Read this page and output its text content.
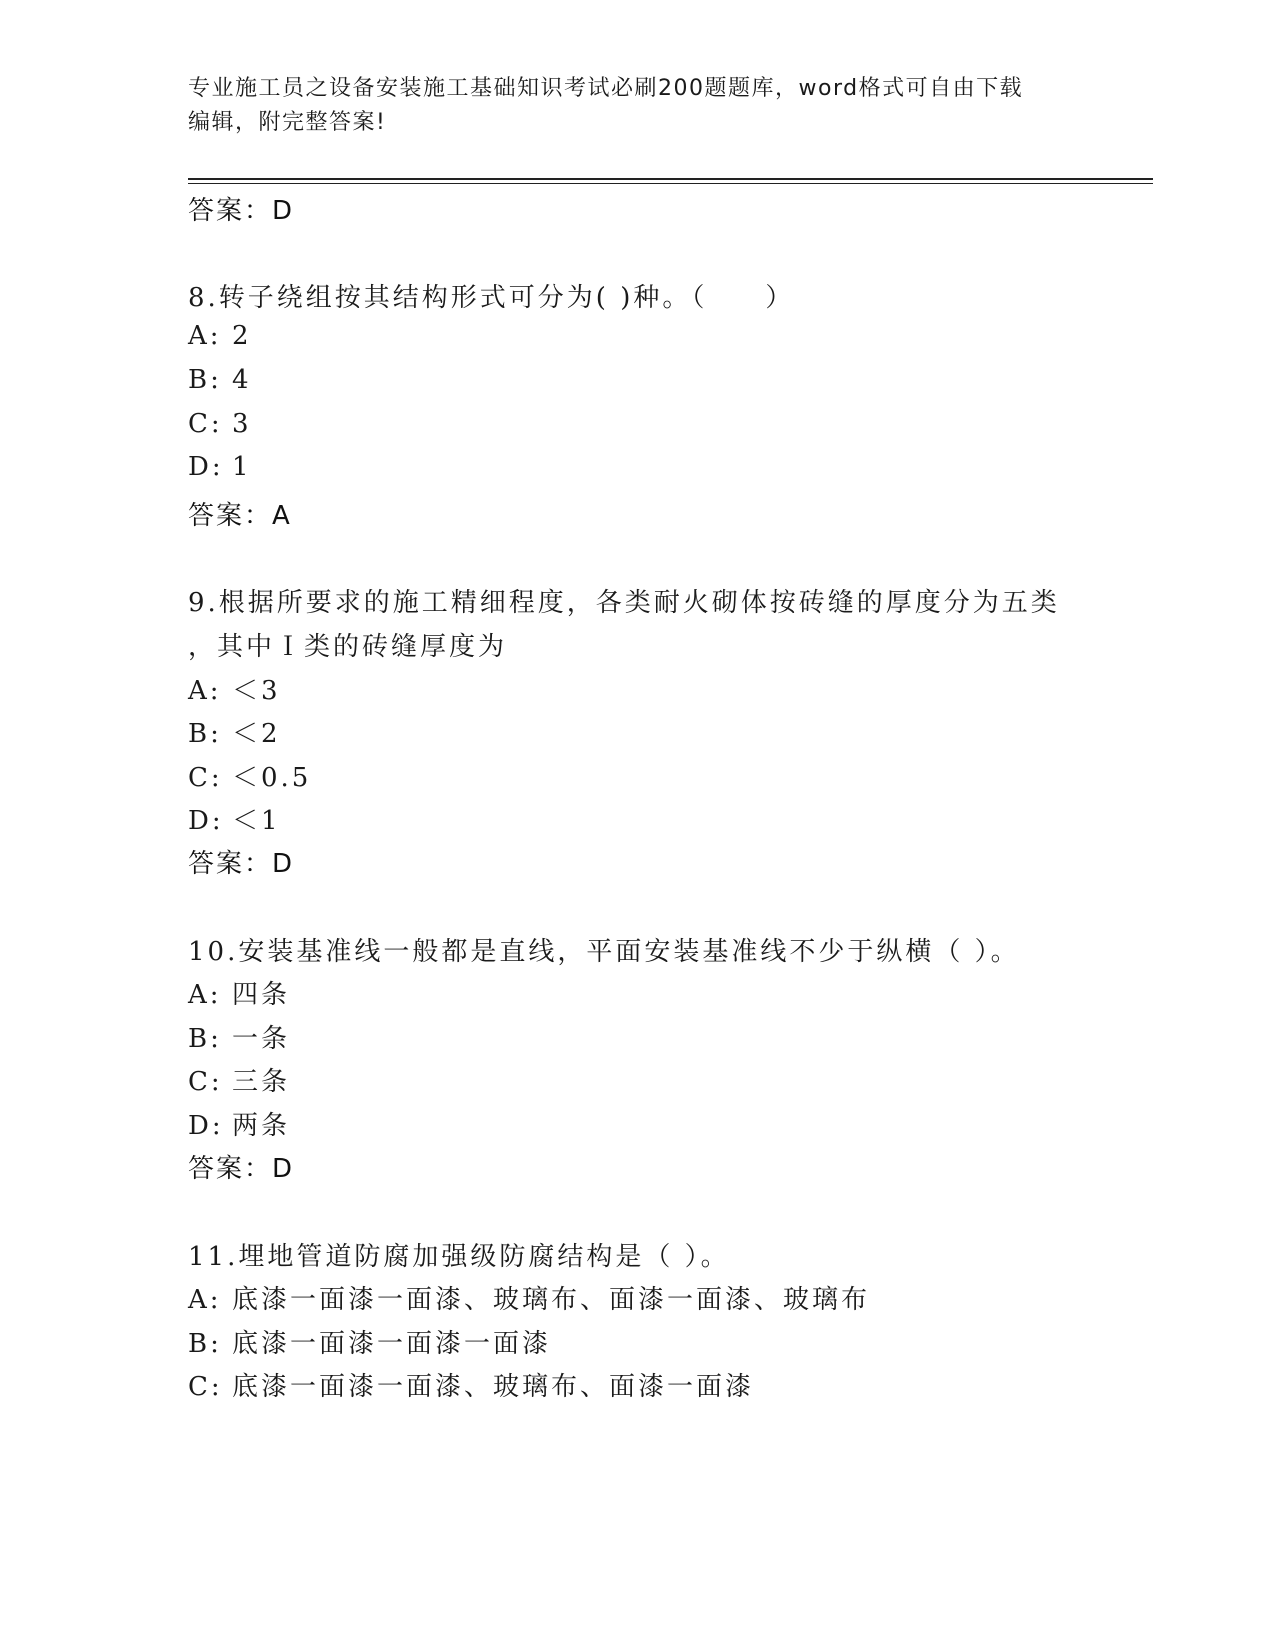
专业施工员之设备安装施工基础知识考试必刷200题题库，word格式可自由下载
编辑，附完整答案!
答案：D
8.转子绕组按其结构形式可分为( )种。（　　）
A: 2
B: 4
C: 3
D: 1
答案：A
9.根据所要求的施工精细程度，各类耐火砌体按砖缝的厚度分为五类
，其中Ｉ类的砖缝厚度为
A: ＜3
B: ＜2
C: ＜0.5
D: ＜1
答案：D
10.安装基准线一般都是直线，平面安装基准线不少于纵横（ ）。
A: 四条
B: 一条
C: 三条
D: 两条
答案：D
11.埋地管道防腐加强级防腐结构是（ ）。
A: 底漆一面漆一面漆、玻璃布、面漆一面漆、玻璃布
B: 底漆一面漆一面漆一面漆
C: 底漆一面漆一面漆、玻璃布、面漆一面漆
